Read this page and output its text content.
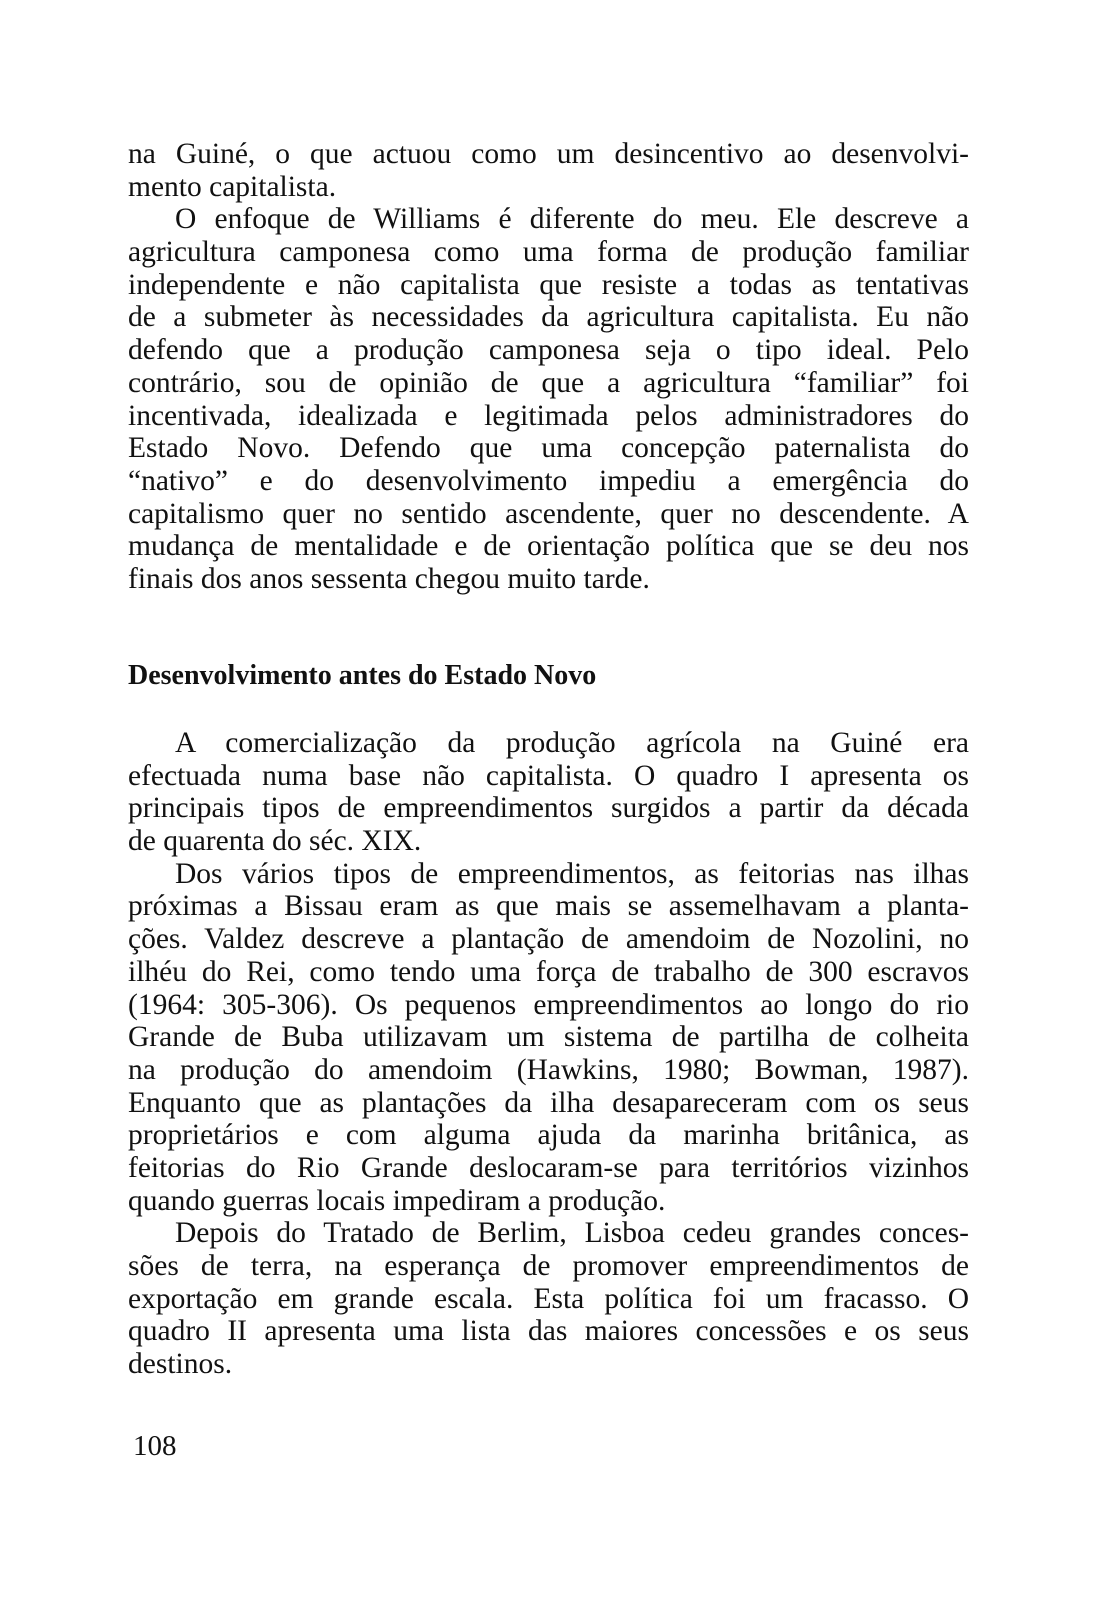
na Guiné, o que actuou como um desincentivo ao desenvolvi-
mento capitalista.
O enfoque de Williams é diferente do meu. Ele descreve a
agricultura camponesa como uma forma de produção familiar
independente e não capitalista que resiste a todas as tentativas
de a submeter às necessidades da agricultura capitalista. Eu não
defendo que a produção camponesa seja o tipo ideal. Pelo
contrário, sou de opinião de que a agricultura “familiar” foi
incentivada, idealizada e legitimada pelos administradores do
Estado Novo. Defendo que uma concepção paternalista do
“nativo” e do desenvolvimento impediu a emergência do
capitalismo quer no sentido ascendente, quer no descendente. A
mudança de mentalidade e de orientação política que se deu nos
finais dos anos sessenta chegou muito tarde.
Desenvolvimento antes do Estado Novo
A comercialização da produção agrícola na Guiné era
efectuada numa base não capitalista. O quadro I apresenta os
principais tipos de empreendimentos surgidos a partir da década
de quarenta do séc. XIX.
Dos vários tipos de empreendimentos, as feitorias nas ilhas
próximas a Bissau eram as que mais se assemelhavam a planta-
ções. Valdez descreve a plantação de amendoim de Nozolini, no
ilhéu do Rei, como tendo uma força de trabalho de 300 escravos
(1964: 305-306). Os pequenos empreendimentos ao longo do rio
Grande de Buba utilizavam um sistema de partilha de colheita
na produção do amendoim (Hawkins, 1980; Bowman, 1987).
Enquanto que as plantações da ilha desapareceram com os seus
proprietários e com alguma ajuda da marinha britânica, as
feitorias do Rio Grande deslocaram-se para territórios vizinhos
quando guerras locais impediram a produção.
Depois do Tratado de Berlim, Lisboa cedeu grandes conces-
sões de terra, na esperança de promover empreendimentos de
exportação em grande escala. Esta política foi um fracasso. O
quadro II apresenta uma lista das maiores concessões e os seus
destinos.
108
